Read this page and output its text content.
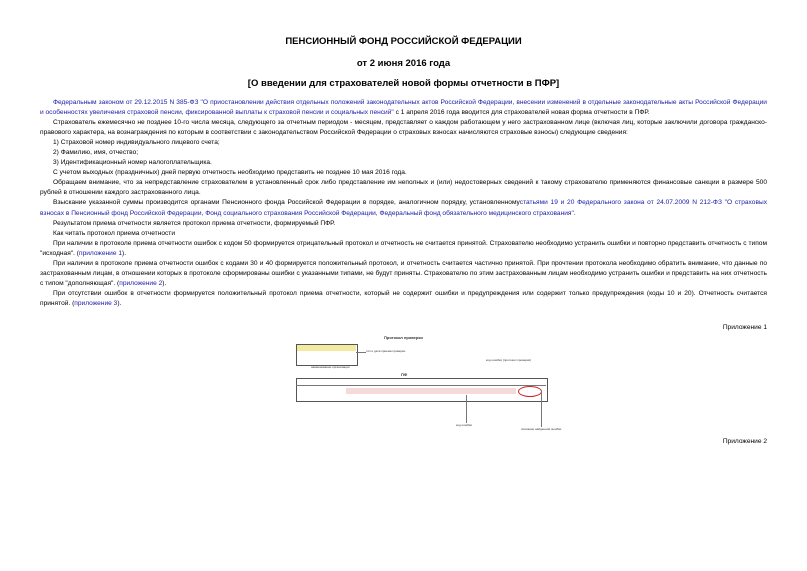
ПЕНСИОННЫЙ ФОНД РОССИЙСКОЙ ФЕДЕРАЦИИ
от 2 июня 2016 года
[О введении для страхователей новой формы отчетности в ПФР]

Федеральным законом от 29.12.2015 N 385-ФЗ "О приостановлении действия отдельных положений законодательных актов Российской Федерации, внесении изменений в отдельные законодательные акты Российской Федерации и особенностях увеличения страховой пенсии, фиксированной выплаты к страховой пенсии и социальных пенсий" с 1 апреля 2016 года вводится для страхователей новая форма отчетности в ПФР.

Страхователь ежемесячно не позднее 10-го числа месяца, следующего за отчетным периодом - месяцем, представляет о каждом работающем у него застрахованном лице (включая лиц, которые заключили договора гражданско-правового характера, на вознаграждения по которым в соответствии с законодательством Российской Федерации о страховых взносах начисляются страховые взносы) следующие сведения:

1) Страховой номер индивидуального лицевого счета;

2) Фамилию, имя, отчество;

3) Идентификационный номер налогоплательщика.

С учетом выходных (праздничных) дней первую отчетность необходимо представить не позднее 10 мая 2016 года.

Обращаем внимание, что за непредставление страхователем в установленный срок либо представление им неполных и (или) недостоверных сведений к такому страхователю применяются финансовые санкции в размере 500 рублей в отношении каждого застрахованного лица.

Взыскание указанной суммы производится органами Пенсионного фонда Российской Федерации в порядке, аналогичном порядку, установленномустатьями 19 и 20 Федерального закона от 24.07.2009 N 212-ФЗ "О страховых взносах в Пенсионный фонд Российской Федерации, Фонд социального страхования Российской Федерации, Федеральный фонд обязательного медицинского страхования".

Результатом приема отчетности является протокол приема отчетности, формируемый ПФР.

Как читать протокол приема отчетности

При наличии в протоколе приема отчетности ошибок с кодом 50 формируется отрицательный протокол и отчетность не считается принятой. Страхователю необходимо устранить ошибки и повторно представить отчетность с типом "исходная". (приложение 1).

При наличии в протоколе приема отчетности ошибок с кодами 30 и 40 формируется положительный протокол, и отчетность считается частично принятой. При прочтении протокола необходимо обратить внимание, что данные по застрахованным лицам, в отношении которых в протоколе сформированы ошибки с указанными типами, не будут приняты. Страхователю по этим застрахованным лицам необходимо устранить ошибки и представить на них отчетность с типом "дополняющая". (приложение 2).

При отсутствии ошибок в отчетности формируется положительный протокол приема отчетности, который не содержит ошибки и предупреждения или содержит только предупреждения (коды 10 и 20). Отчетность считается принятой. (приложение 3).

Приложение 1
Протокол проверки
тип и дата приема проверки
наименование организации
код ошибки (протокол проверки)
ПФ
код ошибки
описание найденной ошибки
Приложение 2
